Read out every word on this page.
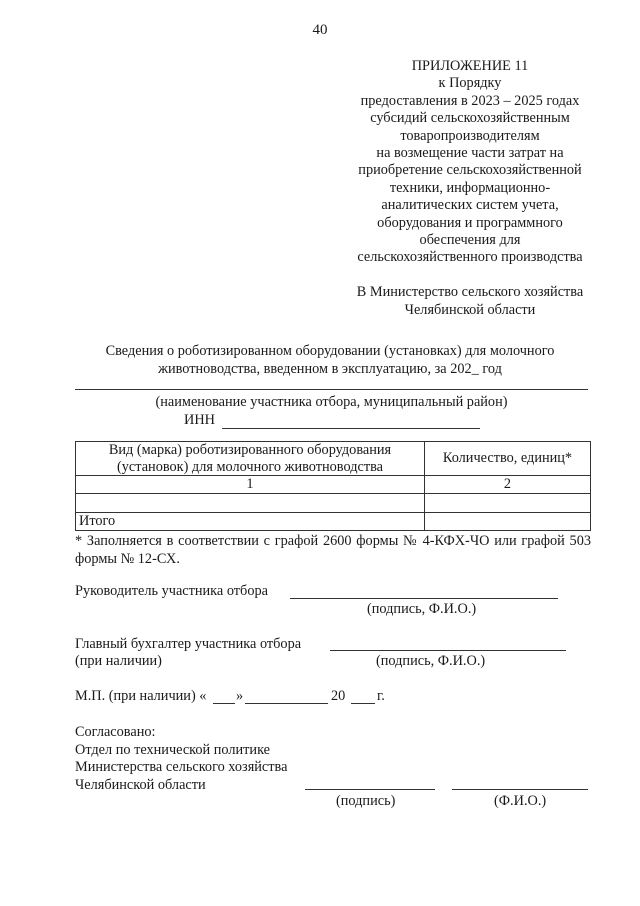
40
ПРИЛОЖЕНИЕ 11
к Порядку
предоставления в 2023 – 2025 годах
субсидий сельскохозяйственным
товаропроизводителям
на возмещение части затрат на
приобретение сельскохозяйственной
техники, информационно-
аналитических систем учета,
оборудования и программного
обеспечения для
сельскохозяйственного производства
В Министерство сельского хозяйства
Челябинской области
Сведения о роботизированном оборудовании (установках) для молочного
животноводства, введенном в эксплуатацию, за 202_ год
(наименование участника отбора, муниципальный район)
ИНН
Вид (марка) роботизированного оборудования (установок) для молочного животноводства	Количество, единиц*
1	2

Итого	
* Заполняется в соответствии с графой 2600 формы № 4-КФХ-ЧО или графой 503 формы № 12-СХ.
Руководитель участника отбора
(подпись, Ф.И.О.)
Главный бухгалтер участника отбора
(при наличии)	(подпись, Ф.И.О.)
М.П. (при наличии) « »	20 г.
Согласовано:
Отдел по технической политике
Министерства сельского хозяйства
Челябинской области
(подпись)	(Ф.И.О.)
